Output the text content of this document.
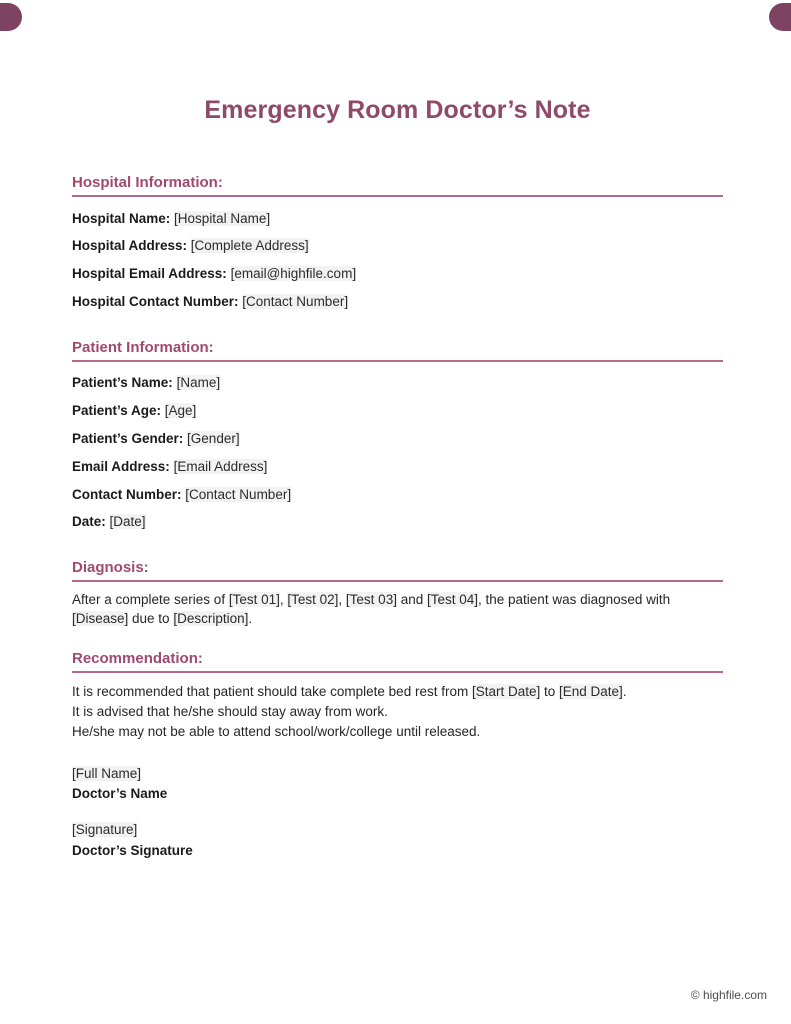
Emergency Room Doctor’s Note
Hospital Information:
Hospital Name: [Hospital Name]
Hospital Address: [Complete Address]
Hospital Email Address: [email@highfile.com]
Hospital Contact Number: [Contact Number]
Patient Information:
Patient’s Name: [Name]
Patient’s Age: [Age]
Patient’s Gender: [Gender]
Email Address: [Email Address]
Contact Number: [Contact Number]
Date: [Date]
Diagnosis:
After a complete series of [Test 01], [Test 02], [Test 03] and [Test 04], the patient was diagnosed with [Disease] due to [Description].
Recommendation:
It is recommended that patient should take complete bed rest from [Start Date] to [End Date].
It is advised that he/she should stay away from work.
He/she may not be able to attend school/work/college until released.
[Full Name]
Doctor’s Name
[Signature]
Doctor’s Signature
© highfile.com
